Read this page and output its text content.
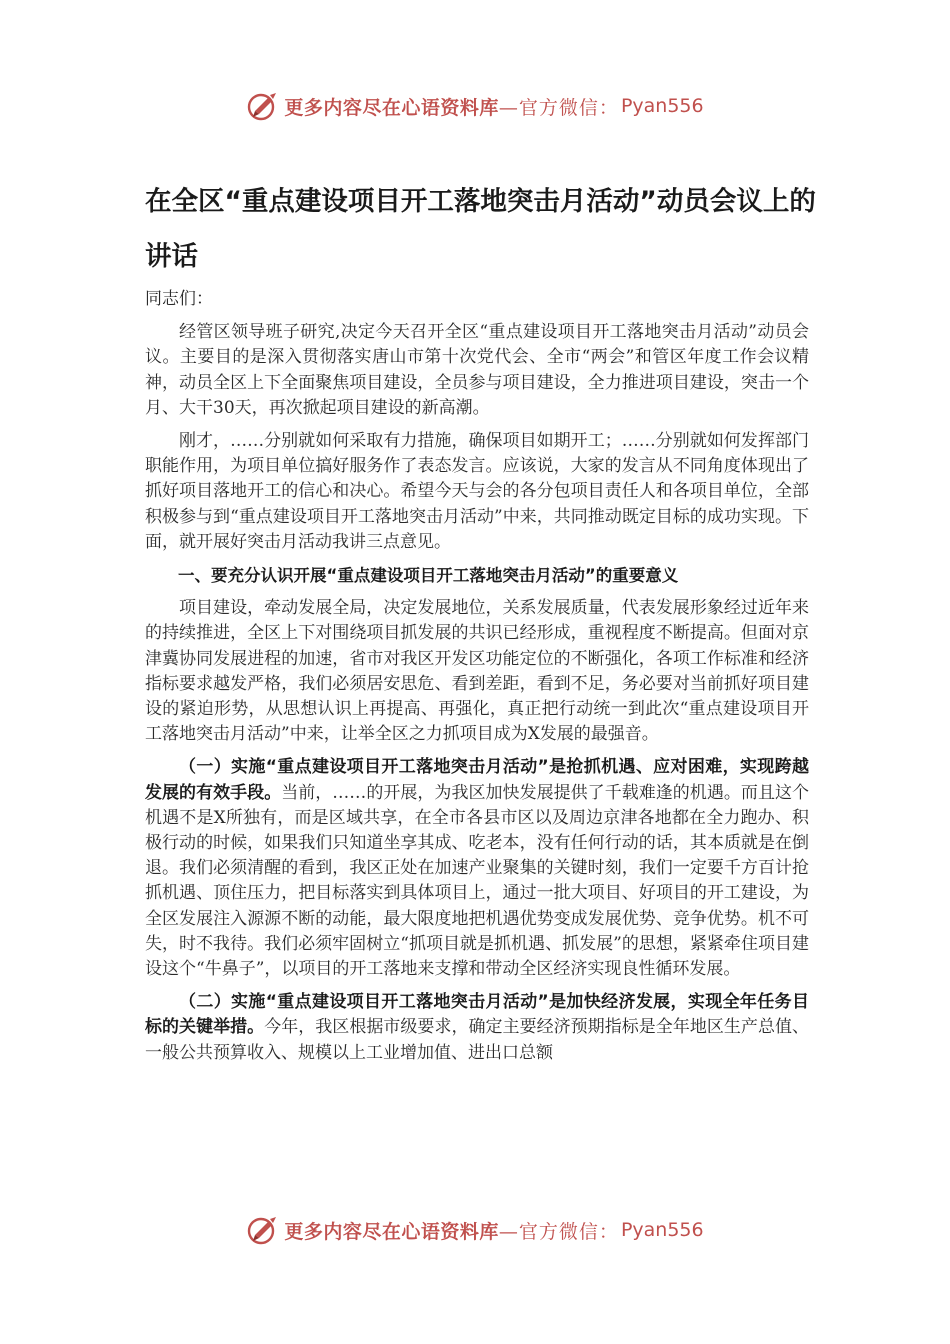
更多内容尽在心语资料库 —官方微信： Pyan556
在全区“重点建设项目开工落地突击月活动”动员会议上的讲话

同志们：

经管区领导班子研究,决定今天召开全区“重点建设项目开工落地突击月活动”动员会议。主要目的是深入贯彻落实唐山市第十次党代会、全市“两会”和管区年度工作会议精神，动员全区上下全面聚焦项目建设，全员参与项目建设，全力推进项目建设，突击一个月、大干30天，再次掀起项目建设的新高潮。

刚才，……分别就如何采取有力措施，确保项目如期开工；……分别就如何发挥部门职能作用，为项目单位搞好服务作了表态发言。应该说，大家的发言从不同角度体现出了抓好项目落地开工的信心和决心。希望今天与会的各分包项目责任人和各项目单位，全部积极参与到“重点建设项目开工落地突击月活动”中来，共同推动既定目标的成功实现。下面，就开展好突击月活动我讲三点意见。

一、要充分认识开展“重点建设项目开工落地突击月活动”的重要意义

项目建设，牵动发展全局，决定发展地位，关系发展质量，代表发展形象经过近年来的持续推进，全区上下对围绕项目抓发展的共识已经形成，重视程度不断提高。但面对京津冀协同发展进程的加速，省市对我区开发区功能定位的不断强化，各项工作标准和经济指标要求越发严格，我们必须居安思危、看到差距，看到不足，务必要对当前抓好项目建设的紧迫形势，从思想认识上再提高、再强化，真正把行动统一到此次“重点建设项目开工落地突击月活动”中来，让举全区之力抓项目成为X发展的最强音。

（一）实施“重点建设项目开工落地突击月活动”是抢抓机遇、应对困难，实现跨越发展的有效手段。当前，……的开展，为我区加快发展提供了千载难逢的机遇。而且这个机遇不是X所独有，而是区域共享，在全市各县市区以及周边京津各地都在全力跑办、积极行动的时候，如果我们只知道坐享其成、吃老本，没有任何行动的话，其本质就是在倒退。我们必须清醒的看到，我区正处在加速产业聚集的关键时刻，我们一定要千方百计抢抓机遇、顶住压力，把目标落实到具体项目上，通过一批大项目、好项目的开工建设，为全区发展注入源源不断的动能，最大限度地把机遇优势变成发展优势、竞争优势。机不可失，时不我待。我们必须牢固树立“抓项目就是抓机遇、抓发展”的思想，紧紧牵住项目建设这个“牛鼻子”，以项目的开工落地来支撑和带动全区经济实现良性循环发展。

（二）实施“重点建设项目开工落地突击月活动”是加快经济发展，实现全年任务目标的关键举措。今年，我区根据市级要求，确定主要经济预期指标是全年地区生产总值、一般公共预算收入、规模以上工业增加值、进出口总额

更多内容尽在心语资料库 —官方微信： Pyan556
